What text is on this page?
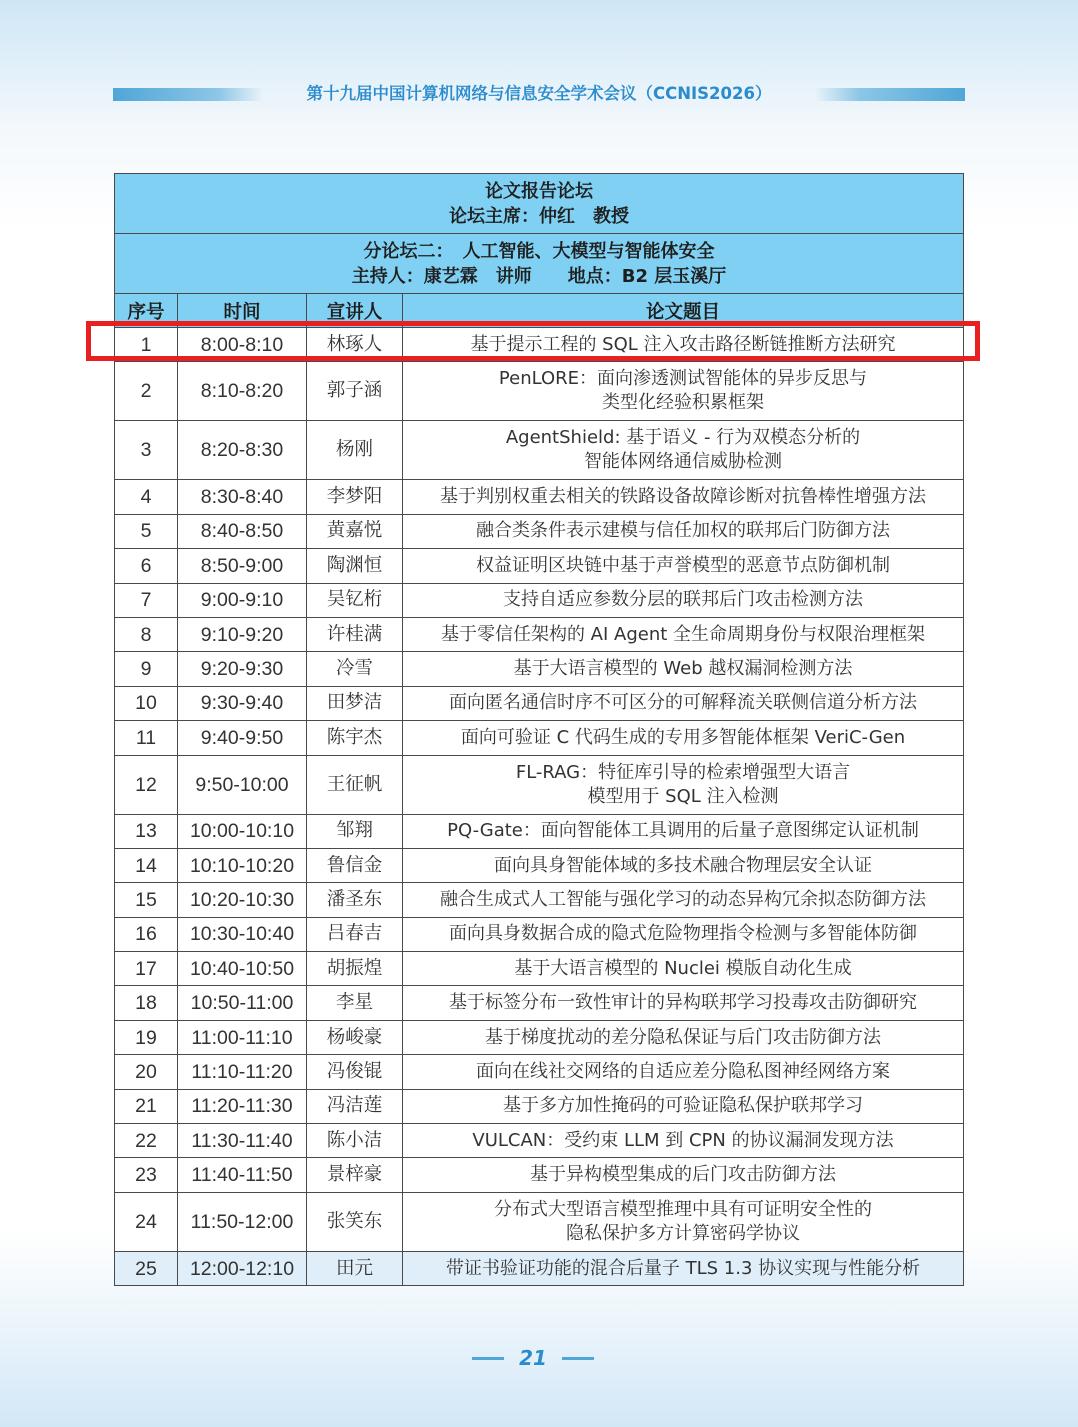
第十九届中国计算机网络与信息安全学术会议（CCNIS2026）
论文报告论坛
论坛主席：仲红　教授			

分论坛二：　人工智能、大模型与智能体安全
主持人：康艺霖　讲师　　地点：B2 层玉溪厅			

序号	时间	宣讲人	论文题目
1	8:00-8:10	林琢人	基于提示工程的 SQL 注入攻击路径断链推断方法研究

2	8:10-8:20	郭子涵	PenLORE：面向渗透测试智能体的异步反思与
类型化经验积累框架

3	8:20-8:30	杨刚	AgentShield: 基于语义 - 行为双模态分析的
智能体网络通信威胁检测

4	8:30-8:40	李梦阳	基于判别权重去相关的铁路设备故障诊断对抗鲁棒性增强方法

5	8:40-8:50	黄嘉悦	融合类条件表示建模与信任加权的联邦后门防御方法

6	8:50-9:00	陶渊恒	权益证明区块链中基于声誉模型的恶意节点防御机制

7	9:00-9:10	吴钇桁	支持自适应参数分层的联邦后门攻击检测方法

8	9:10-9:20	许桂满	基于零信任架构的 AI Agent 全生命周期身份与权限治理框架

9	9:20-9:30	冷雪	基于大语言模型的 Web 越权漏洞检测方法

10	9:30-9:40	田梦洁	面向匿名通信时序不可区分的可解释流关联侧信道分析方法

11	9:40-9:50	陈宇杰	面向可验证 C 代码生成的专用多智能体框架 VeriC-Gen

12	9:50-10:00	王征帆	FL-RAG：特征库引导的检索增强型大语言
模型用于 SQL 注入检测

13	10:00-10:10	邹翔	PQ-Gate：面向智能体工具调用的后量子意图绑定认证机制

14	10:10-10:20	鲁信金	面向具身智能体域的多技术融合物理层安全认证

15	10:20-10:30	潘圣东	融合生成式人工智能与强化学习的动态异构冗余拟态防御方法

16	10:30-10:40	吕春吉	面向具身数据合成的隐式危险物理指令检测与多智能体防御

17	10:40-10:50	胡振煌	基于大语言模型的 Nuclei 模版自动化生成

18	10:50-11:00	李星	基于标签分布一致性审计的异构联邦学习投毒攻击防御研究

19	11:00-11:10	杨峻豪	基于梯度扰动的差分隐私保证与后门攻击防御方法

20	11:10-11:20	冯俊锟	面向在线社交网络的自适应差分隐私图神经网络方案

21	11:20-11:30	冯洁莲	基于多方加性掩码的可验证隐私保护联邦学习

22	11:30-11:40	陈小洁	VULCAN：受约束 LLM 到 CPN 的协议漏洞发现方法

23	11:40-11:50	景梓豪	基于异构模型集成的后门攻击防御方法

24	11:50-12:00	张笑东	分布式大型语言模型推理中具有可证明安全性的
隐私保护多方计算密码学协议

25	12:00-12:10	田元	带证书验证功能的混合后量子 TLS 1.3 协议实现与性能分析
21
